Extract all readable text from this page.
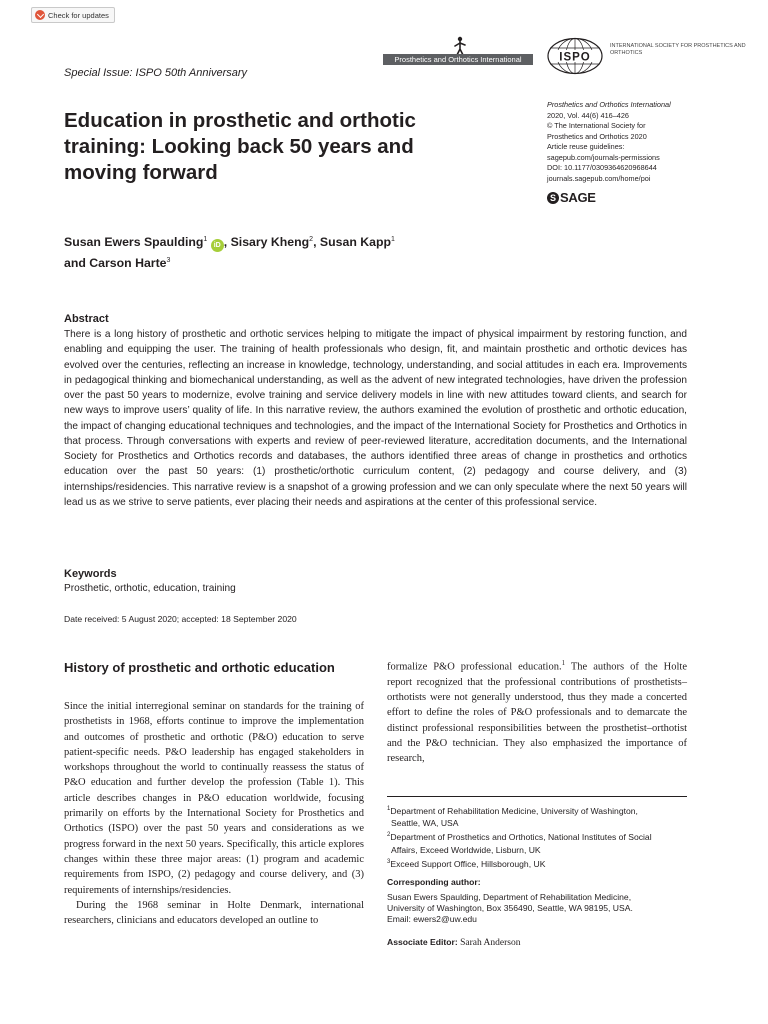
Check for updates
Prosthetics and Orthotics International	ISPO
INTERNATIONAL SOCIETY FOR PROSTHETICS AND ORTHOTICS
Special Issue: ISPO 50th Anniversary
Education in prosthetic and orthotic training: Looking back 50 years and moving forward
Prosthetics and Orthotics International
2020, Vol. 44(6) 416–426
© The International Society for
Prosthetics and Orthotics 2020
Article reuse guidelines:
sagepub.com/journals-permissions
DOI: 10.1177/0309364620968644
journals.sagepub.com/home/poi
S SAGE
Susan Ewers Spaulding$^1$ iD , Sisary Kheng$^2$, Susan Kapp$^1$
and Carson Harte$^3$
Abstract

There is a long history of prosthetic and orthotic services helping to mitigate the impact of physical impairment by restoring function, and enabling and equipping the user. The training of health professionals who design, fit, and maintain prosthetic and orthotic devices has evolved over the centuries, reflecting an increase in knowledge, technology, understanding, and social attitudes in each era. Improvements in pedagogical thinking and biomechanical understanding, as well as the advent of new integrated technologies, have driven the profession over the past 50 years to modernize, evolve training and service delivery models in line with new attitudes toward clients, and search for new ways to improve users’ quality of life. In this narrative review, the authors examined the evolution of prosthetic and orthotic education, the impact of changing educational techniques and technologies, and the impact of the International Society for Prosthetics and Orthotics in that process. Through conversations with experts and review of peer-reviewed literature, accreditation documents, and the International Society for Prosthetics and Orthotics records and databases, the authors identified three areas of change in prosthetics and orthotics education over the past 50 years: (1) prosthetic/orthotic curriculum content, (2) pedagogy and course delivery, and (3) internships/residencies. This narrative review is a snapshot of a growing profession and we can only speculate where the next 50 years will lead us as we strive to serve patients, ever placing their needs and aspirations at the center of this professional service.

Keywords
Prosthetic, orthotic, education, training
Date received: 5 August 2020; accepted: 18 September 2020
History of prosthetic and orthotic education

Since the initial interregional seminar on standards for the training of prosthetists in 1968, efforts continue to improve the implementation and outcomes of prosthetic and orthotic (P&O) education to serve patient-specific needs. P&O leadership has engaged stakeholders in workshops throughout the world to continually reassess the status of P&O education and further develop the profession (Table 1). This article describes changes in P&O education worldwide, focusing primarily on efforts by the International Society for Prosthetics and Orthotics (ISPO) over the past 50 years and considerations as we progress forward in the next 50 years. Specifically, this article explores changes within these three major areas: (1) program and academic requirements from ISPO, (2) pedagogy and course delivery, and (3) requirements of internships/residencies.

During the 1968 seminar in Holte Denmark, international researchers, clinicians and educators developed an outline to

formalize P&O professional education.$^1$ The authors of the Holte report recognized that the professional contributions of prosthetists–orthotists were not generally understood, thus they made a concerted effort to define the roles of P&O professionals and to demarcate the distinct professional responsibilities between the prosthetist–orthotist and the P&O technician. They also emphasized the importance of research,

$^1$Department of Rehabilitation Medicine, University of Washington,
Seattle, WA, USA
$^2$Department of Prosthetics and Orthotics, National Institutes of Social
Affairs, Exceed Worldwide, Lisburn, UK
$^3$Exceed Support Office, Hillsborough, UK
Corresponding author:
Susan Ewers Spaulding, Department of Rehabilitation Medicine,
University of Washington, Box 356490, Seattle, WA 98195, USA.
Email: ewers2@uw.edu
Associate Editor: Sarah Anderson
